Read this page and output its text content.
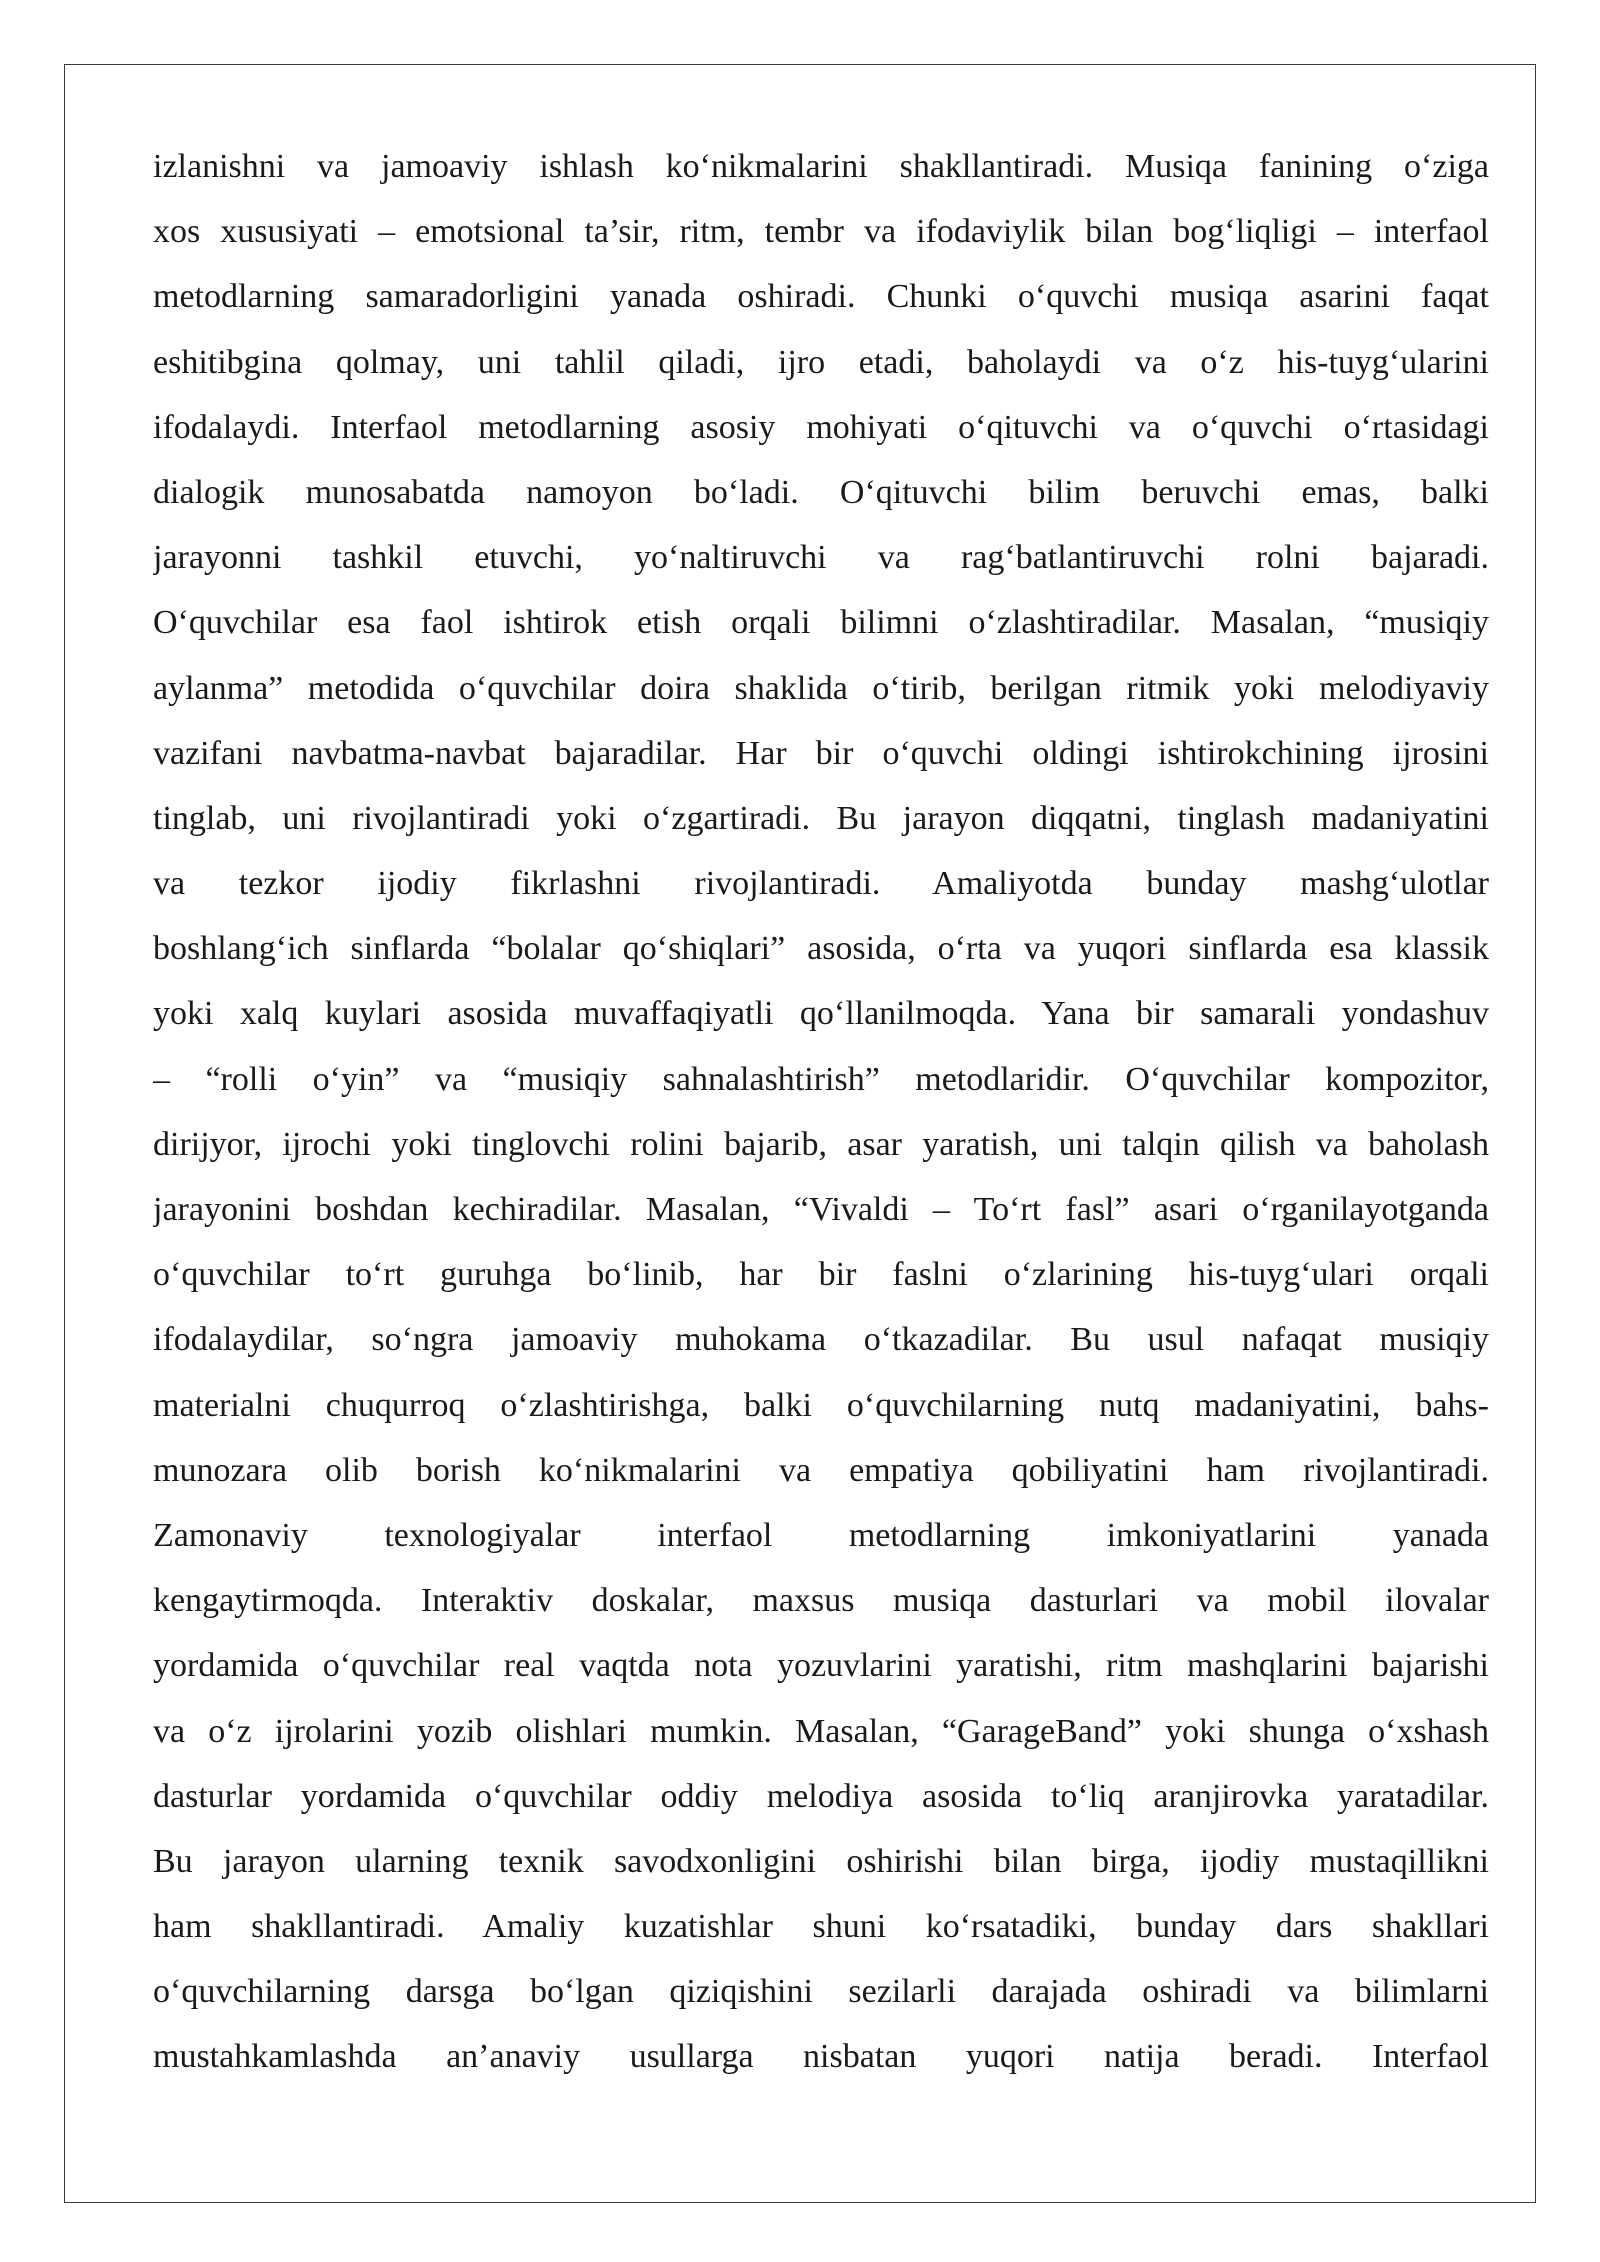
izlanishni va jamoaviy ishlash koʻnikmalarini shakllantiradi. Musiqa fanining oʻziga
xos xususiyati – emotsional ta’sir, ritm, tembr va ifodaviylik bilan bogʻliqligi – interfaol
metodlarning samaradorligini yanada oshiradi. Chunki oʻquvchi musiqa asarini faqat
eshitibgina qolmay, uni tahlil qiladi, ijro etadi, baholaydi va oʻz his-tuygʻularini
ifodalaydi. Interfaol metodlarning asosiy mohiyati oʻqituvchi va oʻquvchi oʻrtasidagi
dialogik munosabatda namoyon boʻladi. Oʻqituvchi bilim beruvchi emas, balki
jarayonni tashkil etuvchi, yoʻnaltiruvchi va ragʻbatlantiruvchi rolni bajaradi.
Oʻquvchilar esa faol ishtirok etish orqali bilimni oʻzlashtiradilar. Masalan, “musiqiy
aylanma” metodida oʻquvchilar doira shaklida oʻtirib, berilgan ritmik yoki melodiyaviy
vazifani navbatma-navbat bajaradilar. Har bir oʻquvchi oldingi ishtirokchining ijrosini
tinglab, uni rivojlantiradi yoki oʻzgartiradi. Bu jarayon diqqatni, tinglash madaniyatini
va tezkor ijodiy fikrlashni rivojlantiradi. Amaliyotda bunday mashgʻulotlar
boshlangʻich sinflarda “bolalar qoʻshiqlari” asosida, oʻrta va yuqori sinflarda esa klassik
yoki xalq kuylari asosida muvaffaqiyatli qoʻllanilmoqda. Yana bir samarali yondashuv
– “rolli oʻyin” va “musiqiy sahnalashtirish” metodlaridir. Oʻquvchilar kompozitor,
dirijyor, ijrochi yoki tinglovchi rolini bajarib, asar yaratish, uni talqin qilish va baholash
jarayonini boshdan kechiradilar. Masalan, “Vivaldi – Toʻrt fasl” asari oʻrganilayotganda
oʻquvchilar toʻrt guruhga boʻlinib, har bir faslni oʻzlarining his-tuygʻulari orqali
ifodalaydilar, soʻngra jamoaviy muhokama oʻtkazadilar. Bu usul nafaqat musiqiy
materialni chuqurroq oʻzlashtirishga, balki oʻquvchilarning nutq madaniyatini, bahs-
munozara olib borish koʻnikmalarini va empatiya qobiliyatini ham rivojlantiradi.
Zamonaviy texnologiyalar interfaol metodlarning imkoniyatlarini yanada
kengaytirmoqda. Interaktiv doskalar, maxsus musiqa dasturlari va mobil ilovalar
yordamida oʻquvchilar real vaqtda nota yozuvlarini yaratishi, ritm mashqlarini bajarishi
va oʻz ijrolarini yozib olishlari mumkin. Masalan, “GarageBand” yoki shunga oʻxshash
dasturlar yordamida oʻquvchilar oddiy melodiya asosida toʻliq aranjirovka yaratadilar.
Bu jarayon ularning texnik savodxonligini oshirishi bilan birga, ijodiy mustaqillikni
ham shakllantiradi. Amaliy kuzatishlar shuni koʻrsatadiki, bunday dars shakllari
oʻquvchilarning darsga boʻlgan qiziqishini sezilarli darajada oshiradi va bilimlarni
mustahkamlashda an’anaviy usullarga nisbatan yuqori natija beradi. Interfaol
